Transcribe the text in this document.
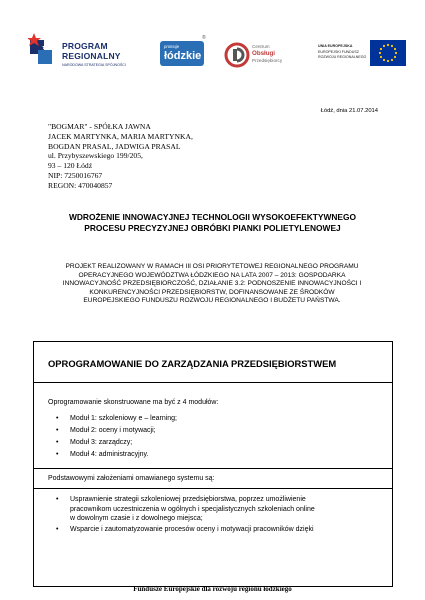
PROGRAM
REGIONALNY
NARODOWA STRATEGIA SPÓJNOŚCI
promuje
łódzkie
®
Centrum
Obsługi
Przedsiębiorcy
UNIA EUROPEJSKA
EUROPEJSKI FUNDUSZ
ROZWOJU REGIONALNEGO
Łódź, dnia 21.07.2014
"BOGMAR" - SPÓŁKA JAWNA
JACEK MARTYNKA, MARIA MARTYNKA,
BOGDAN PRASAL, JADWIGA PRASAL
ul. Przybyszewskiego 199/205,
93 – 120 Łódź
NIP: 7250016767
REGON: 470040857
WDROŻENIE INNOWACYJNEJ TECHNOLOGII WYSOKOEFEKTYWNEGO
PROCESU PRECYZYJNEJ OBRÓBKI PIANKI POLIETYLENOWEJ
PROJEKT REALIZOWANY W RAMACH III OSI PRIORYTETOWEJ REGIONALNEGO PROGRAMU
OPERACYJNEGO WOJEWÓDZTWA ŁÓDZKIEGO NA LATA 2007 – 2013: GOSPODARKA
INNOWACYJNOŚĆ PRZEDSIĘBIORCZOŚĆ, DZIAŁANIE 3.2: PODNOSZENIE INNOWACYJNOŚCI I
KONKURENCYJNOŚCI PRZEDSIĘBIORSTW, DOFINANSOWANE ZE ŚRODKÓW
EUROPEJSKIEGO FUNDUSZU ROZWOJU REGIONALNEGO I BUDŻETU PAŃSTWA.
OPROGRAMOWANIE DO ZARZĄDZANIA PRZEDSIĘBIORSTWEM
Oprogramowanie skonstruowane ma być z 4 modułów:
•	Moduł 1: szkoleniowy e – learning;
•	Moduł 2: oceny i motywacji;
•	Moduł 3: zarządczy;
•	Moduł 4: administracyjny.
Podstawowymi założeniami omawianego systemu są:
•	Usprawnienie strategii szkoleniowej przedsiębiorstwa, poprzez umożliwienie
pracownikom uczestniczenia w ogólnych i specjalistycznych szkoleniach online
w dowolnym czasie i z dowolnego miejsca;
•	Wsparcie i zautomatyzowanie procesów oceny i motywacji pracowników dzięki
Fundusze Europejskie dla rozwoju regionu łódzkiego
